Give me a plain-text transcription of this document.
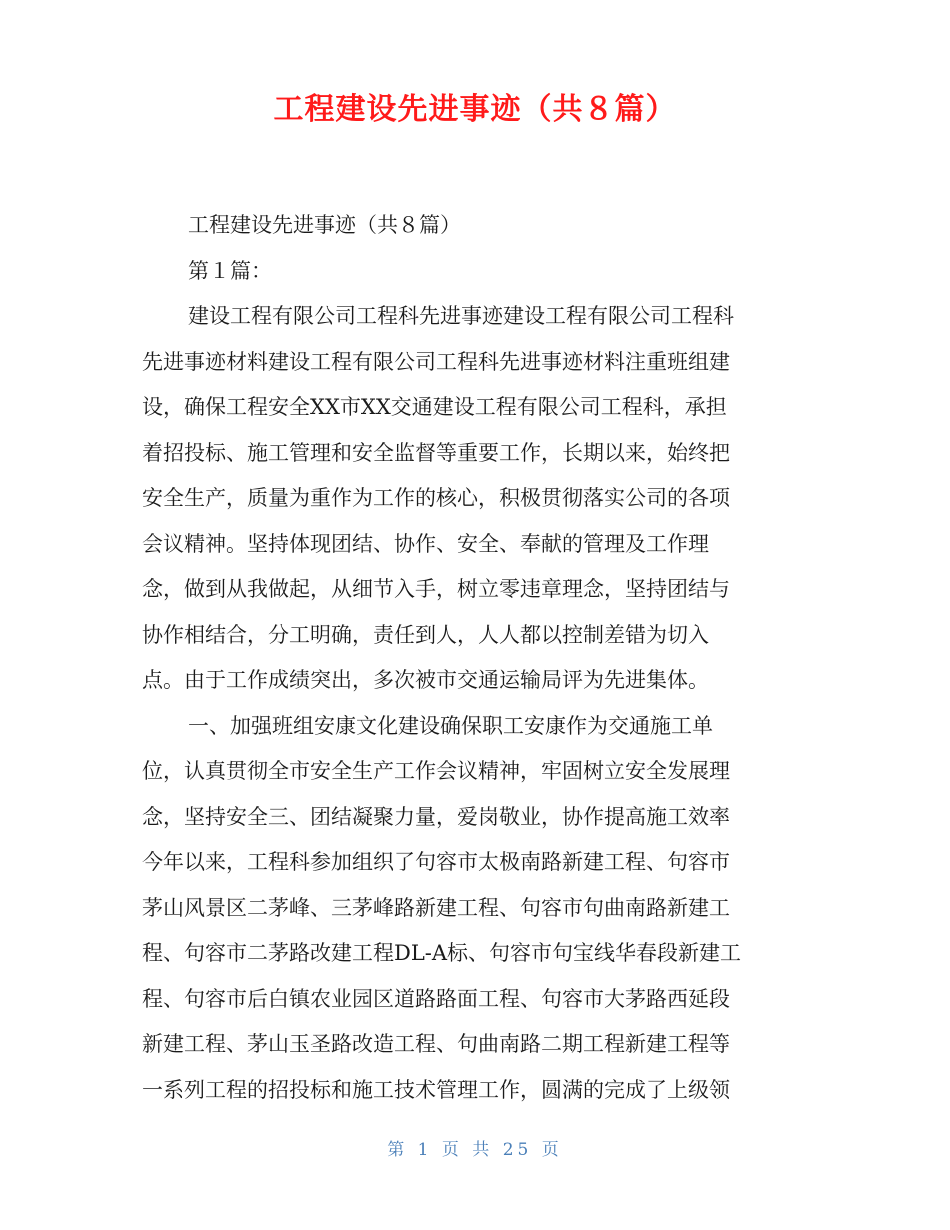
工程建设先进事迹（共８篇）
工程建设先进事迹（共８篇）
第１篇：
建设工程有限公司工程科先进事迹建设工程有限公司工程科
先进事迹材料建设工程有限公司工程科先进事迹材料注重班组建
设，确保工程安全XX市XX交通建设工程有限公司工程科，承担
着招投标、施工管理和安全监督等重要工作，长期以来，始终把
安全生产，质量为重作为工作的核心，积极贯彻落实公司的各项
会议精神。坚持体现团结、协作、安全、奉献的管理及工作理
念，做到从我做起，从细节入手，树立零违章理念，坚持团结与
协作相结合，分工明确，责任到人，人人都以控制差错为切入
点。由于工作成绩突出，多次被市交通运输局评为先进集体。
一、加强班组安康文化建设确保职工安康作为交通施工单
位，认真贯彻全市安全生产工作会议精神，牢固树立安全发展理
念，坚持安全三、团结凝聚力量，爱岗敬业，协作提高施工效率
今年以来，工程科参加组织了句容市太极南路新建工程、句容市
茅山风景区二茅峰、三茅峰路新建工程、句容市句曲南路新建工
程、句容市二茅路改建工程DL-A标、句容市句宝线华春段新建工
程、句容市后白镇农业园区道路路面工程、句容市大茅路西延段
新建工程、茅山玉圣路改造工程、句曲南路二期工程新建工程等
一系列工程的招投标和施工技术管理工作，圆满的完成了上级领

第 1 页 共 25 页
